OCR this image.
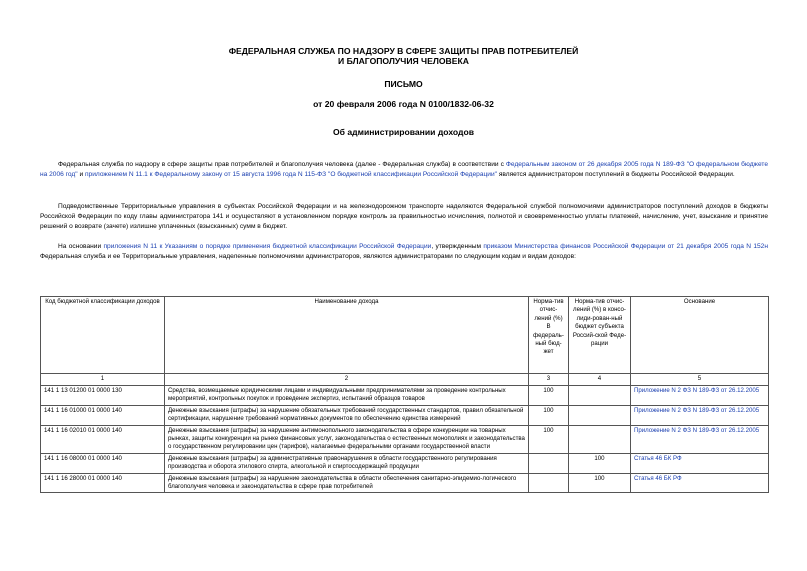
ФЕДЕРАЛЬНАЯ СЛУЖБА ПО НАДЗОРУ В СФЕРЕ ЗАЩИТЫ ПРАВ ПОТРЕБИТЕЛЕЙ
И БЛАГОПОЛУЧИЯ ЧЕЛОВЕКА
ПИСЬМО
от 20 февраля 2006 года N 0100/1832-06-32
Об администрировании доходов
Федеральная служба по надзору в сфере защиты прав потребителей и благополучия человека (далее - Федеральная служба) в соответствии с Федеральным законом от 26 декабря 2005 года N 189-ФЗ "О федеральном бюджете на 2006 год" и приложением N 11.1 к Федеральному закону от 15 августа 1996 года N 115-ФЗ "О бюджетной классификации Российской Федерации" является администратором поступлений в бюджеты Российской Федерации.
Подведомственные Территориальные управления в субъектах Российской Федерации и на железнодорожном транспорте наделяются Федеральной службой полномочиями администраторов поступлений доходов в бюджеты Российской Федерации по коду главы администратора 141 и осуществляют в установленном порядке контроль за правильностью исчисления, полнотой и своевременностью уплаты платежей, начисление, учет, взыскание и принятие решений о возврате (зачете) излишне уплаченных (взысканных) сумм в бюджет.
На основании приложения N 11 к Указаниям о порядке применения бюджетной классификации Российской Федерации, утвержденным приказом Министерства финансов Российской Федерации от 21 декабря 2005 года N 152н Федеральная служба и ее Территориальные управления, наделенные полномочиями администраторов, являются администраторами по следующим кодам и видам доходов:
Код бюджетной классификации доходов	Наименование дохода	Норма-тив отчис-лений (%) В федераль-ный бюд-жет	Норма-тив отчис-лений (%) в консо-лиди-рован-ный бюджет субъекта Россий-ской Феде-рации	Основание
1	2	3	4	5
141 1 13 01200 01 0000 130	Средства, возмещаемые юридическими лицами и индивидуальными предпринимателями за проведение контрольных мероприятий, контрольных покупок и проведение экспертиз, испытаний образцов товаров	100		Приложение N 2 ФЗ N 189-ФЗ от 26.12.2005
141 1 16 01000 01 0000 140	Денежные взыскания (штрафы) за нарушение обязательных требований государственных стандартов, правил обязательной сертификации, нарушение требований нормативных документов по обеспечению единства измерений	100		Приложение N 2 ФЗ N 189-ФЗ от 26.12.2005
141 1 16 02010 01 0000 140	Денежные взыскания (штрафы) за нарушение антимонопольного законодательства в сфере конкуренции на товарных рынках, защиты конкуренции на рынке финансовых услуг, законодательства о естественных монополиях и законодательства о государственном регулировании цен (тарифов), налагаемые федеральными органами государственной власти	100		Приложение N 2 ФЗ N 189-ФЗ от 26.12.2005
141 1 16 08000 01 0000 140	Денежные взыскания (штрафы) за административные правонарушения в области государственного регулирования производства и оборота этилового спирта, алкогольной и спиртосодержащей продукции		100	Статья 46 БК РФ
141 1 16 28000 01 0000 140	Денежные взыскания (штрафы) за нарушение законодательства в области обеспечения санитарно-эпидемио-логического благополучия человека и законодательства в сфере прав потребителей		100	Статья 46 БК РФ
